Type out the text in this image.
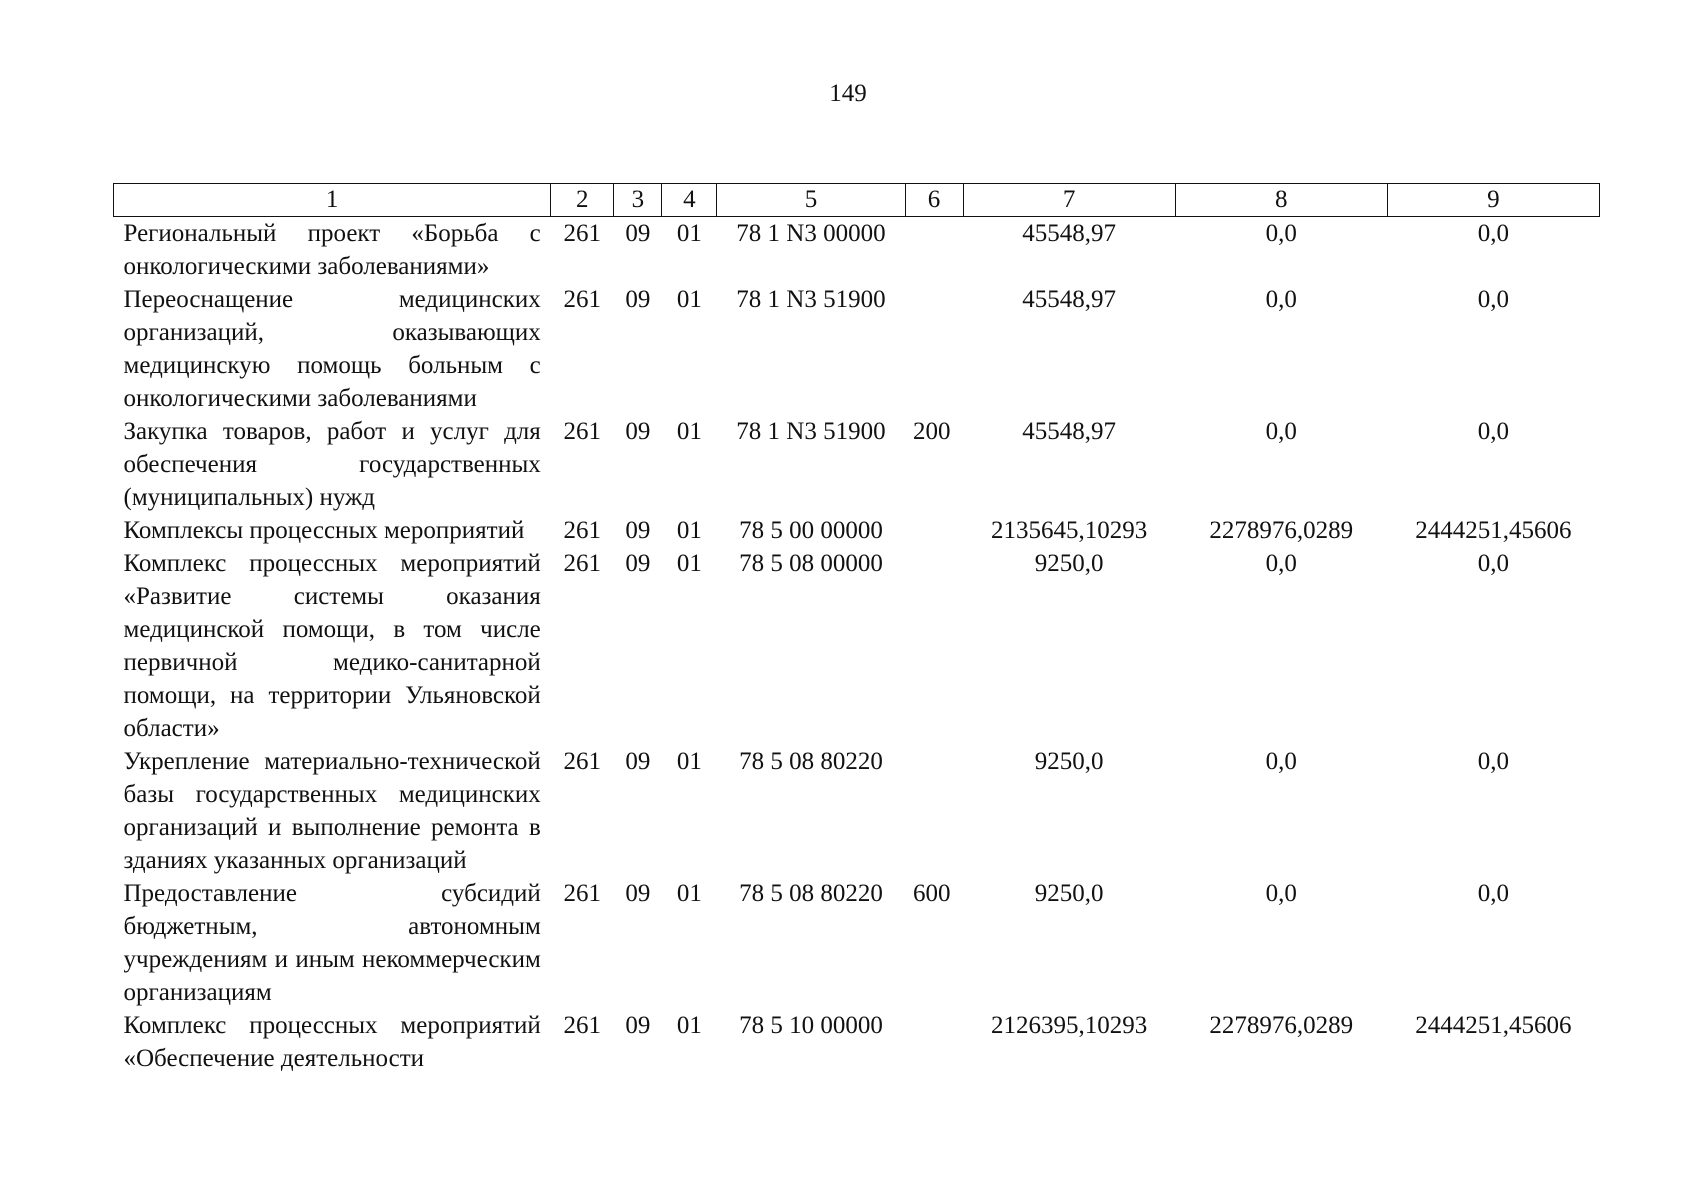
149
1	2	3	4	5	6	7	8	9
Региональный проект «Борьба с онкологическими заболеваниями»	261	09	01	78 1 N3 00000		45548,97	0,0	0,0
Переоснащение медицинских организаций, оказывающих медицинскую помощь больным с онкологическими заболеваниями	261	09	01	78 1 N3 51900		45548,97	0,0	0,0
Закупка товаров, работ и услуг для обеспечения государственных (муниципальных) нужд	261	09	01	78 1 N3 51900	200	45548,97	0,0	0,0
Комплексы процессных мероприятий	261	09	01	78 5 00 00000		2135645,10293	2278976,0289	2444251,45606
Комплекс процессных мероприятий «Развитие системы оказания медицинской помощи, в том числе первичной медико-санитарной помощи, на территории Ульяновской области»	261	09	01	78 5 08 00000		9250,0	0,0	0,0
Укрепление материально-технической базы государственных медицинских организаций и выполнение ремонта в зданиях указанных организаций	261	09	01	78 5 08 80220		9250,0	0,0	0,0
Предоставление субсидий бюджетным, автономным учреждениям и иным некоммерческим организациям	261	09	01	78 5 08 80220	600	9250,0	0,0	0,0
Комплекс процессных мероприятий «Обеспечение деятельности	261	09	01	78 5 10 00000		2126395,10293	2278976,0289	2444251,45606
